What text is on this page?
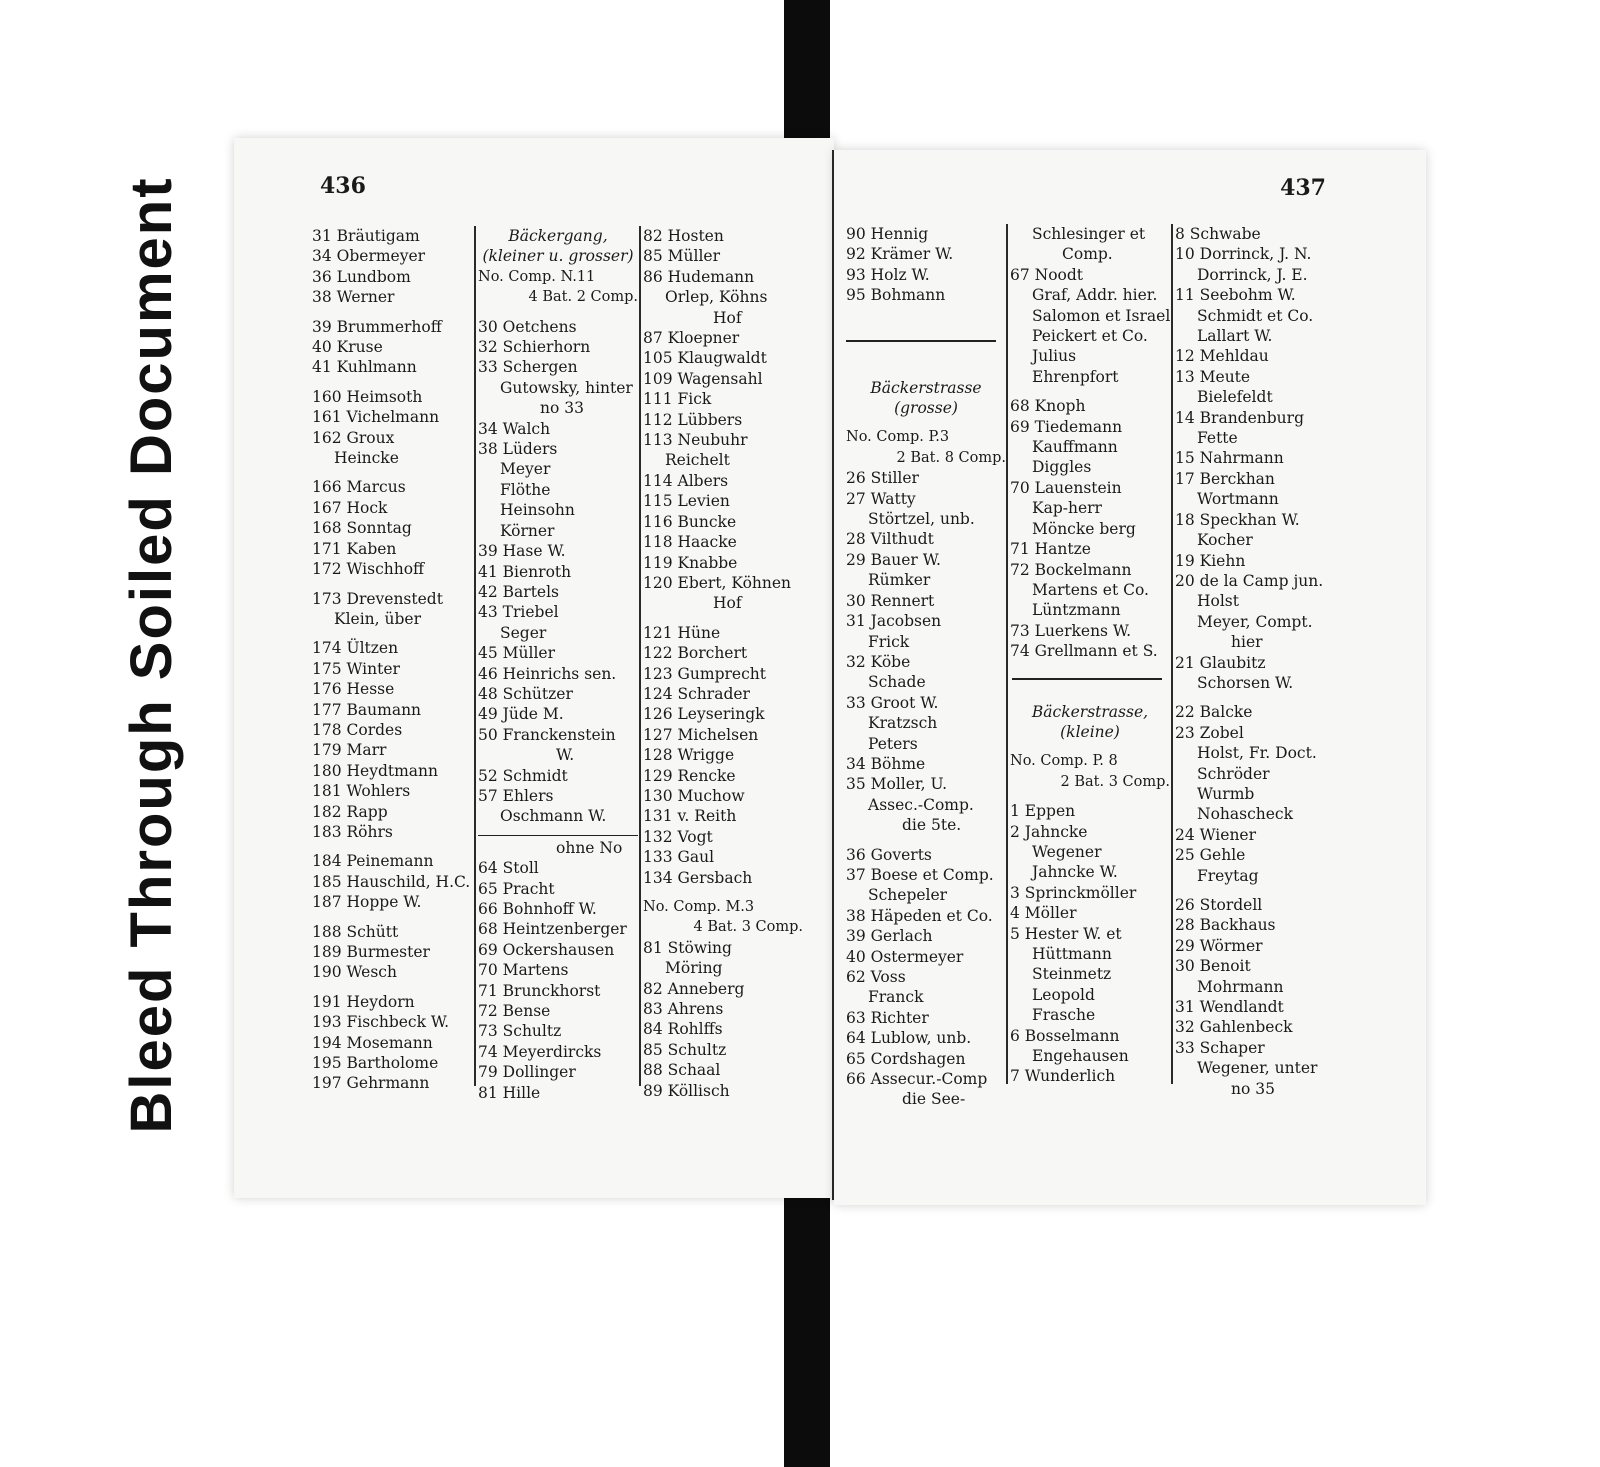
Bleed Through Soiled Document	436
31 Bräutigam
34 Obermeyer
36 Lundbom
38 Werner
39 Brummerhoff
40 Kruse
41 Kuhlmann
160 Heimsoth
161 Vichelmann
162 Groux
Heincke
166 Marcus
167 Hock
168 Sonntag
171 Kaben
172 Wischhoff
173 Drevenstedt
Klein, über
174 Ültzen
175 Winter
176 Hesse
177 Baumann
178 Cordes
179 Marr
180 Heydtmann
181 Wohlers
182 Rapp
183 Röhrs
184 Peinemann
185 Hauschild, H.C.
187 Hoppe W.
188 Schütt
189 Burmester
190 Wesch
191 Heydorn
193 Fischbeck W.
194 Mosemann
195 Bartholome
197 Gehrmann
Bäckergang,
(kleiner u. grosser)
No. Comp. N.11
4 Bat. 2 Comp.
30 Oetchens
32 Schierhorn
33 Schergen
Gutowsky, hinter
no 33
34 Walch
38 Lüders
Meyer
Flöthe
Heinsohn
Körner
39 Hase W.
41 Bienroth
42 Bartels
43 Triebel
Seger
45 Müller
46 Heinrichs sen.
48 Schützer
49 Jüde M.
50 Franckenstein
W.
52 Schmidt
57 Ehlers
Oschmann W.
ohne No
64 Stoll
65 Pracht
66 Bohnhoff W.
68 Heintzenberger
69 Ockershausen
70 Martens
71 Brunckhorst
72 Bense
73 Schultz
74 Meyerdircks
79 Dollinger
81 Hille
82 Hosten
85 Müller
86 Hudemann
Orlep, Köhns
Hof
87 Kloepner
105 Klaugwaldt
109 Wagensahl
111 Fick
112 Lübbers
113 Neubuhr
Reichelt
114 Albers
115 Levien
116 Buncke
118 Haacke
119 Knabbe
120 Ebert, Köhnen
Hof
121 Hüne
122 Borchert
123 Gumprecht
124 Schrader
126 Leyseringk
127 Michelsen
128 Wrigge
129 Rencke
130 Muchow
131 v. Reith
132 Vogt
133 Gaul
134 Gersbach
No. Comp. M.3
4 Bat. 3 Comp.
81 Stöwing
Möring
82 Anneberg
83 Ahrens
84 Rohlffs
85 Schultz
88 Schaal
89 Köllisch
437
90 Hennig
92 Krämer W.
93 Holz W.
95 Bohmann
Bäckerstrasse
(grosse)
No. Comp. P.3
2 Bat. 8 Comp.
26 Stiller
27 Watty
Störtzel, unb.
28 Vilthudt
29 Bauer W.
Rümker
30 Rennert
31 Jacobsen
Frick
32 Köbe
Schade
33 Groot W.
Kratzsch
Peters
34 Böhme
35 Moller, U.
Assec.-Comp.
die 5te.
36 Goverts
37 Boese et Comp.
Schepeler
38 Häpeden et Co.
39 Gerlach
40 Ostermeyer
62 Voss
Franck
63 Richter
64 Lublow, unb.
65 Cordshagen
66 Assecur.-Comp
die See-
Schlesinger et
Comp.
67 Noodt
Graf, Addr. hier.
Salomon et Israel
Peickert et Co.
Julius
Ehrenpfort
68 Knoph
69 Tiedemann
Kauffmann
Diggles
70 Lauenstein
Kap-herr
Möncke berg
71 Hantze
72 Bockelmann
Martens et Co.
Lüntzmann
73 Luerkens W.
74 Grellmann et S.
Bäckerstrasse,
(kleine)
No. Comp. P. 8
2 Bat. 3 Comp.
1 Eppen
2 Jahncke
Wegener
Jahncke W.
3 Sprinckmöller
4 Möller
5 Hester W. et
Hüttmann
Steinmetz
Leopold
Frasche
6 Bosselmann
Engehausen
7 Wunderlich
8 Schwabe
10 Dorrinck, J. N.
Dorrinck, J. E.
11 Seebohm W.
Schmidt et Co.
Lallart W.
12 Mehldau
13 Meute
Bielefeldt
14 Brandenburg
Fette
15 Nahrmann
17 Berckhan
Wortmann
18 Speckhan W.
Kocher
19 Kiehn
20 de la Camp jun.
Holst
Meyer, Compt.
hier
21 Glaubitz
Schorsen W.
22 Balcke
23 Zobel
Holst, Fr. Doct.
Schröder
Wurmb
Nohascheck
24 Wiener
25 Gehle
Freytag
26 Stordell
28 Backhaus
29 Wörmer
30 Benoit
Mohrmann
31 Wendlandt
32 Gahlenbeck
33 Schaper
Wegener, unter
no 35
